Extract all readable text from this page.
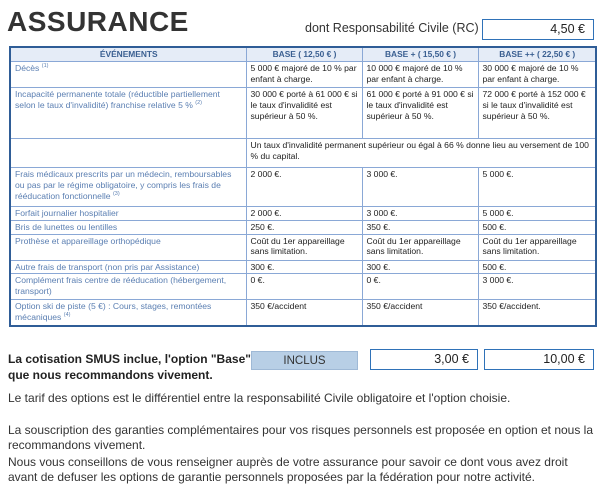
ASSURANCE	dont Responsabilité Civile (RC)	4,50 €
ÉVÉNEMENTS	BASE ( 12,50 € )	BASE + ( 15,50 € )	BASE ++ ( 22,50 € )
Décès $^{(1)}$	5 000 € majoré de 10 % par enfant à charge.	10 000 € majoré de 10 % par enfant à charge.	30 000 € majoré de 10 % par enfant à charge.
Incapacité permanente totale (réductible partiellement selon le taux d'invalidité) franchise relative 5 % $^{(2)}$	30 000 € porté à 61 000 € si le taux d'invalidité est supérieur à 50 %.	61 000 € porté à 91 000 € si le taux d'invalidité est supérieur à 50 %.	72 000 € porté à 152 000 € si le taux d'invalidité est supérieur à 50 %.
	Un taux d'invalidité permanent supérieur ou égal à 66 % donne lieu au versement de 100 % du capital.		
Frais médicaux prescrits par un médecin, remboursables ou pas par le régime obligatoire, y compris les frais de rééducation fonctionnelle $^{(3)}$	2 000 €.	3 000 €.	5 000 €.
Forfait journalier hospitalier	2 000 €.	3 000 €.	5 000 €.
Bris de lunettes ou lentilles	250 €.	350 €.	500 €.
Prothèse et appareillage orthopédique	Coût du 1er appareillage sans limitation.	Coût du 1er appareillage sans limitation.	Coût du 1er appareillage sans limitation.
Autre frais de transport (non pris par Assistance)	300 €.	300 €.	500 €.
Complément frais centre de rééducation (hébergement, transport)	0 €.	0 €.	3 000 €.
Option ski de piste (5 €) : Cours, stages, remontées mécaniques $^{(4)}$	350 €/accident	350 €/accident	350 €/accident.
La cotisation SMUS inclue, l'option "Base"
que nous recommandons vivement.
INCLUS	3,00 €	10,00 €
Le tarif des options est le différentiel entre la responsabilité Civile obligatoire et l'option choisie.
La souscription des garanties complémentaires pour vos risques personnels est proposée en option et nous la recommandons vivement.
Nous vous conseillons de vous renseigner auprès de votre assurance pour savoir ce dont vous avez droit avant de defuser les options de garantie personnels proposées par la fédération pour notre activité.
